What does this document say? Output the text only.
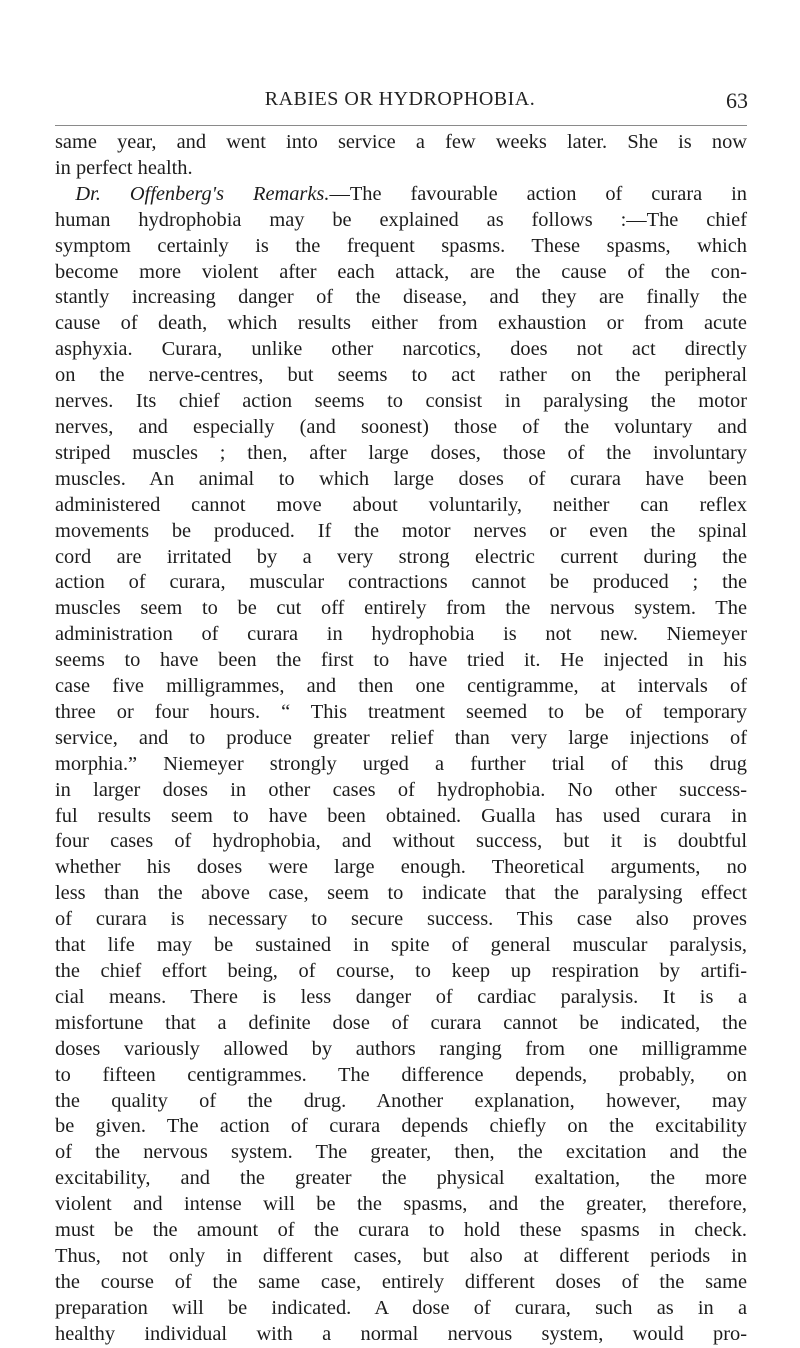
RABIES OR HYDROPHOBIA.	63
same year, and went into service a few weeks later. She is now
in perfect health.
 Dr. Offenberg's Remarks.—The favourable action of curara in
human hydrophobia may be explained as follows :—The chief
symptom certainly is the frequent spasms. These spasms, which
become more violent after each attack, are the cause of the con-
stantly increasing danger of the disease, and they are finally the
cause of death, which results either from exhaustion or from acute
asphyxia. Curara, unlike other narcotics, does not act directly
on the nerve-centres, but seems to act rather on the peripheral
nerves. Its chief action seems to consist in paralysing the motor
nerves, and especially (and soonest) those of the voluntary and
striped muscles ; then, after large doses, those of the involuntary
muscles. An animal to which large doses of curara have been
administered cannot move about voluntarily, neither can reflex
movements be produced. If the motor nerves or even the spinal
cord are irritated by a very strong electric current during the
action of curara, muscular contractions cannot be produced ; the
muscles seem to be cut off entirely from the nervous system. The
administration of curara in hydrophobia is not new. Niemeyer
seems to have been the first to have tried it. He injected in his
case five milligrammes, and then one centigramme, at intervals of
three or four hours. “ This treatment seemed to be of temporary
service, and to produce greater relief than very large injections of
morphia.” Niemeyer strongly urged a further trial of this drug
in larger doses in other cases of hydrophobia. No other success-
ful results seem to have been obtained. Gualla has used curara in
four cases of hydrophobia, and without success, but it is doubtful
whether his doses were large enough. Theoretical arguments, no
less than the above case, seem to indicate that the paralysing effect
of curara is necessary to secure success. This case also proves
that life may be sustained in spite of general muscular paralysis,
the chief effort being, of course, to keep up respiration by artifi-
cial means. There is less danger of cardiac paralysis. It is a
misfortune that a definite dose of curara cannot be indicated, the
doses variously allowed by authors ranging from one milligramme
to fifteen centigrammes. The difference depends, probably, on
the quality of the drug. Another explanation, however, may
be given. The action of curara depends chiefly on the excitability
of the nervous system. The greater, then, the excitation and the
excitability, and the greater the physical exaltation, the more
violent and intense will be the spasms, and the greater, therefore,
must be the amount of the curara to hold these spasms in check.
Thus, not only in different cases, but also at different periods in
the course of the same case, entirely different doses of the same
preparation will be indicated. A dose of curara, such as in a
healthy individual with a normal nervous system, would pro-
